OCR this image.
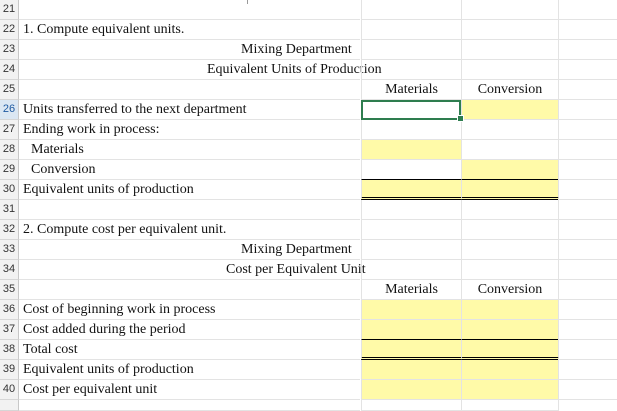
21
22 1. Compute equivalent units.
23	Mixing Department
24	Equivalent Units of Production
25	Materials	Conversion
26 Units transferred to the next department
27 Ending work in process:
28 Materials
29 Conversion
30 Equivalent units of production
31
32 2. Compute cost per equivalent unit.
33	Mixing Department
34	Cost per Equivalent Unit
35	Materials	Conversion
36 Cost of beginning work in process
37 Cost added during the period
38 Total cost
39 Equivalent units of production
40 Cost per equivalent unit
